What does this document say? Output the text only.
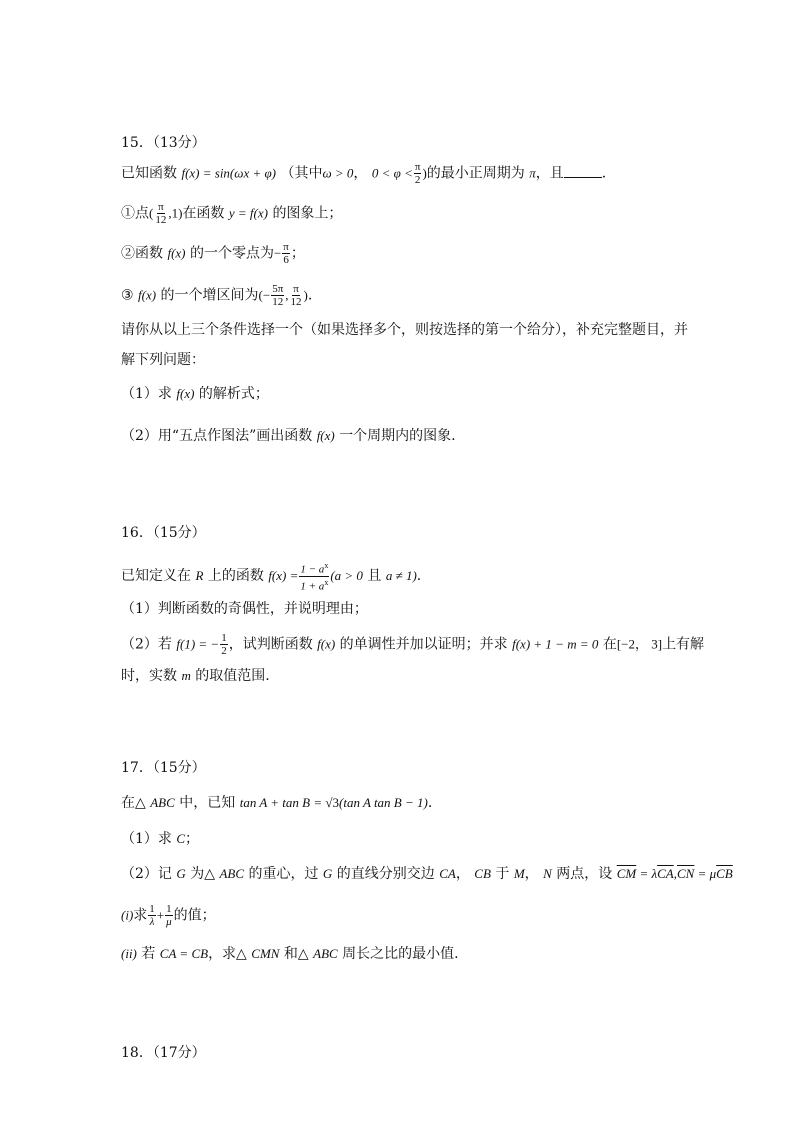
15．（13分）
已知函数 f(x) = sin(ωx + φ) （其中ω > 0， $0 < \varphi < \frac{\pi}{2}$ )的最小正周期为 π，且	.
①点( $\frac{\pi}{12} ,1$)在函数 y = f(x) 的图象上；
②函数 f(x) 的一个零点为− $\frac{\pi}{6}$ ；
③ f(x) 的一个增区间为(− $\frac{5\pi}{12}$ , $\frac{\pi}{12}$ ).
请你从以上三个条件选择一个（如果选择多个，则按选择的第一个给分），补充完整题目，并
解下列问题：
（1）求 f(x) 的解析式；
（2）用“五点作图法”画出函数 f(x) 一个周期内的图象.
16．（15分）
已知定义在 R 上的函数 $f(x) = \frac{1 - a^x}{1 + a^x} (a > 0$ 且 a ≠ 1).
（1）判断函数的奇偶性，并说明理由；
（2）若 f(1) = − $\frac{1}{2}$ ，试判断函数 f(x) 的单调性并加以证明；并求 f(x) + 1 − m = 0 在[−2， 3]上有解
时，实数 m 的取值范围.
17．（15分）
在△ ABC 中，已知 tan A + tan B = √3(tan A tan B − 1).
（1）求 C；
（2）记 G 为△ ABC 的重心，过 G 的直线分别交边 CA， CB 于 M， N 两点，设 $\overline{CM} = \lambda\overline{CA},\overline{CN} = \mu\overline{CB}$
(i)求 $\frac{1}{\lambda} + \frac{1}{\mu}$ 的值；
(ii) 若 CA = CB，求△ CMN 和△ ABC 周长之比的最小值.
18．（17分）
